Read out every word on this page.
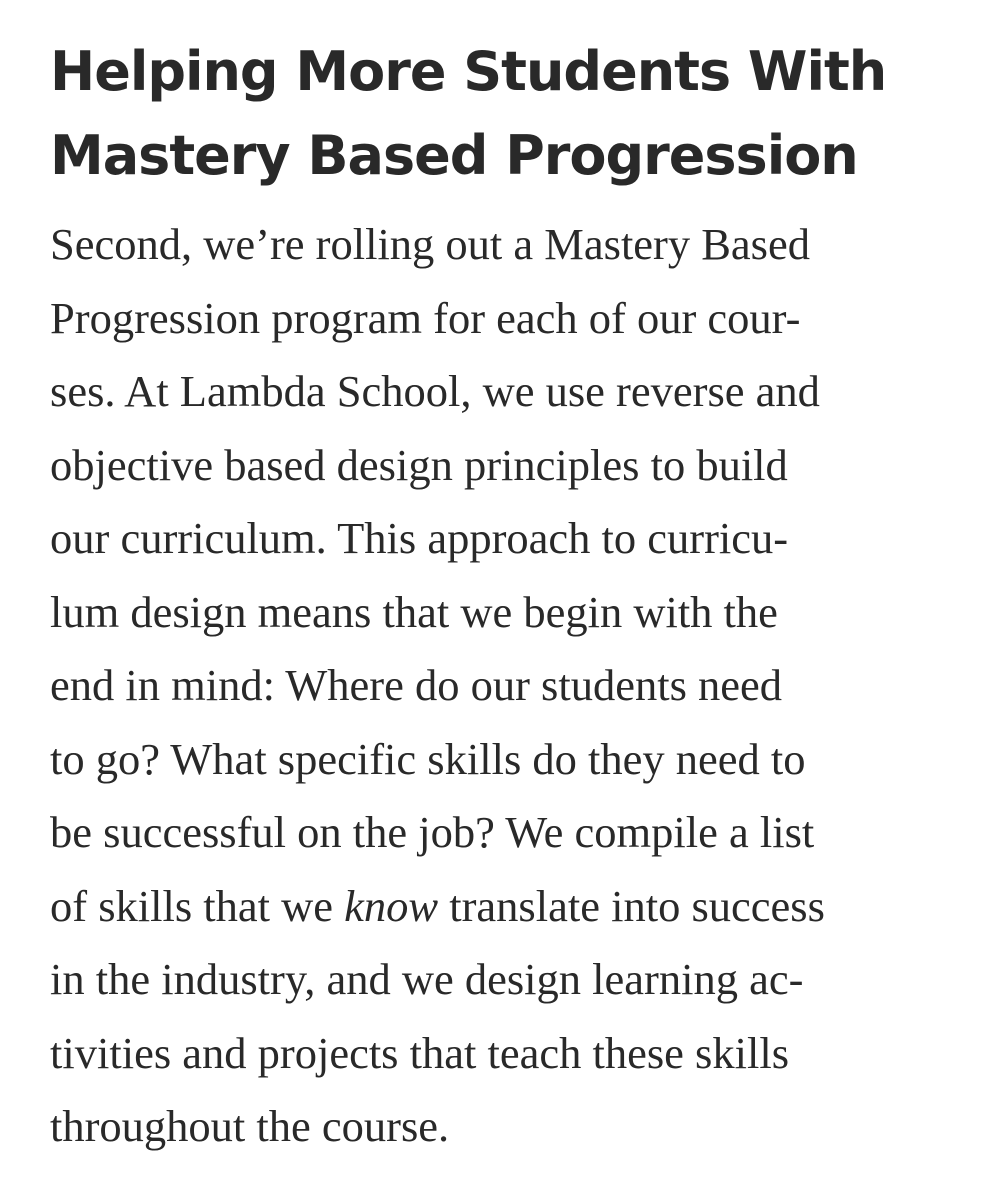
Helping More Students With
Mastery Based Progression

Second, we’re rolling out a Mastery Based
Progression program for each of our cour-
ses. At Lambda School, we use reverse and
objective based design principles to build
our curriculum. This approach to curricu-
lum design means that we begin with the
end in mind: Where do our students need
to go? What specific skills do they need to
be successful on the job? We compile a list
of skills that we know translate into success
in the industry, and we design learning ac-
tivities and projects that teach these skills
throughout the course.
